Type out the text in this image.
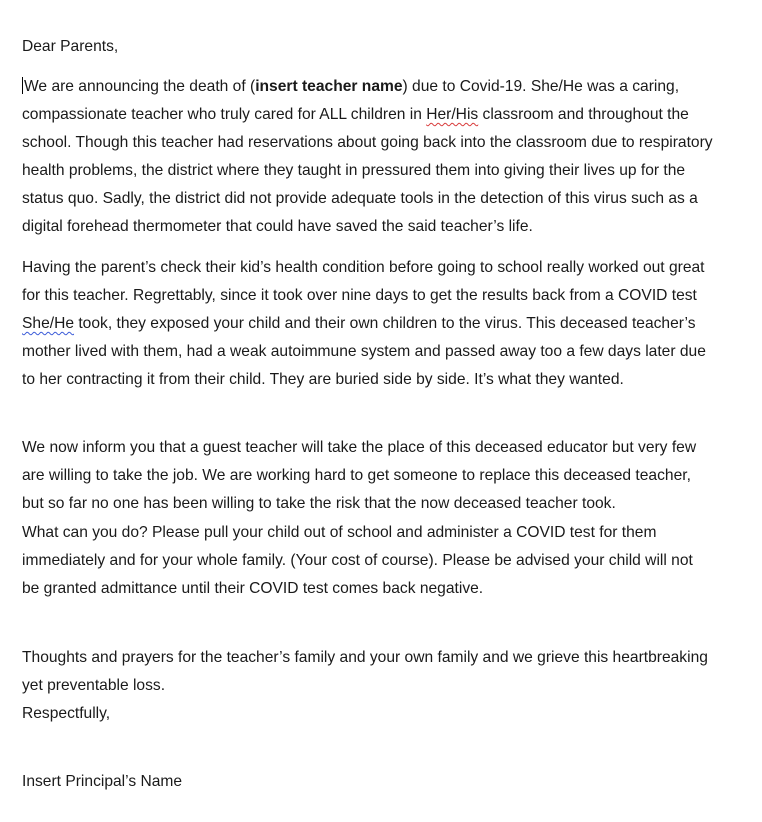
Dear Parents,
We are announcing the death of (insert teacher name) due to Covid-19. She/He was a caring,
compassionate teacher who truly cared for ALL children in Her/His classroom and throughout the
school. Though this teacher had reservations about going back into the classroom due to respiratory
health problems, the district where they taught in pressured them into giving their lives up for the
status quo. Sadly, the district did not provide adequate tools in the detection of this virus such as a
digital forehead thermometer that could have saved the said teacher’s life.
Having the parent’s check their kid’s health condition before going to school really worked out great
for this teacher. Regrettably, since it took over nine days to get the results back from a COVID test
She/He took, they exposed your child and their own children to the virus. This deceased teacher’s
mother lived with them, had a weak autoimmune system and passed away too a few days later due
to her contracting it from their child. They are buried side by side. It’s what they wanted.
We now inform you that a guest teacher will take the place of this deceased educator but very few
are willing to take the job. We are working hard to get someone to replace this deceased teacher,
but so far no one has been willing to take the risk that the now deceased teacher took.
What can you do? Please pull your child out of school and administer a COVID test for them
immediately and for your whole family. (Your cost of course). Please be advised your child will not
be granted admittance until their COVID test comes back negative.
Thoughts and prayers for the teacher’s family and your own family and we grieve this heartbreaking
yet preventable loss.
Respectfully,
Insert Principal’s Name
